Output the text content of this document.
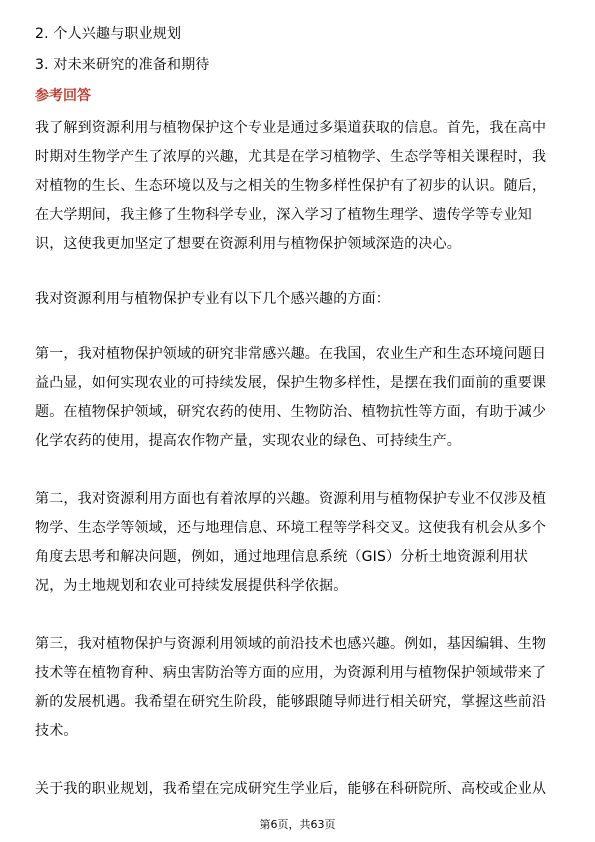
2. 个人兴趣与职业规划
3. 对未来研究的准备和期待
参考回答
我了解到资源利用与植物保护这个专业是通过多渠道获取的信息。首先，我在高中
时期对生物学产生了浓厚的兴趣，尤其是在学习植物学、生态学等相关课程时，我
对植物的生长、生态环境以及与之相关的生物多样性保护有了初步的认识。随后，
在大学期间，我主修了生物科学专业，深入学习了植物生理学、遗传学等专业知
识，这使我更加坚定了想要在资源利用与植物保护领域深造的决心。
我对资源利用与植物保护专业有以下几个感兴趣的方面：
第一，我对植物保护领域的研究非常感兴趣。在我国，农业生产和生态环境问题日
益凸显，如何实现农业的可持续发展，保护生物多样性，是摆在我们面前的重要课
题。在植物保护领域，研究农药的使用、生物防治、植物抗性等方面，有助于减少
化学农药的使用，提高农作物产量，实现农业的绿色、可持续生产。
第二，我对资源利用方面也有着浓厚的兴趣。资源利用与植物保护专业不仅涉及植
物学、生态学等领域，还与地理信息、环境工程等学科交叉。这使我有机会从多个
角度去思考和解决问题，例如，通过地理信息系统（GIS）分析土地资源利用状
况，为土地规划和农业可持续发展提供科学依据。
第三，我对植物保护与资源利用领域的前沿技术也感兴趣。例如，基因编辑、生物
技术等在植物育种、病虫害防治等方面的应用，为资源利用与植物保护领域带来了
新的发展机遇。我希望在研究生阶段，能够跟随导师进行相关研究，掌握这些前沿
技术。
关于我的职业规划，我希望在完成研究生学业后，能够在科研院所、高校或企业从
第6页，共63页
